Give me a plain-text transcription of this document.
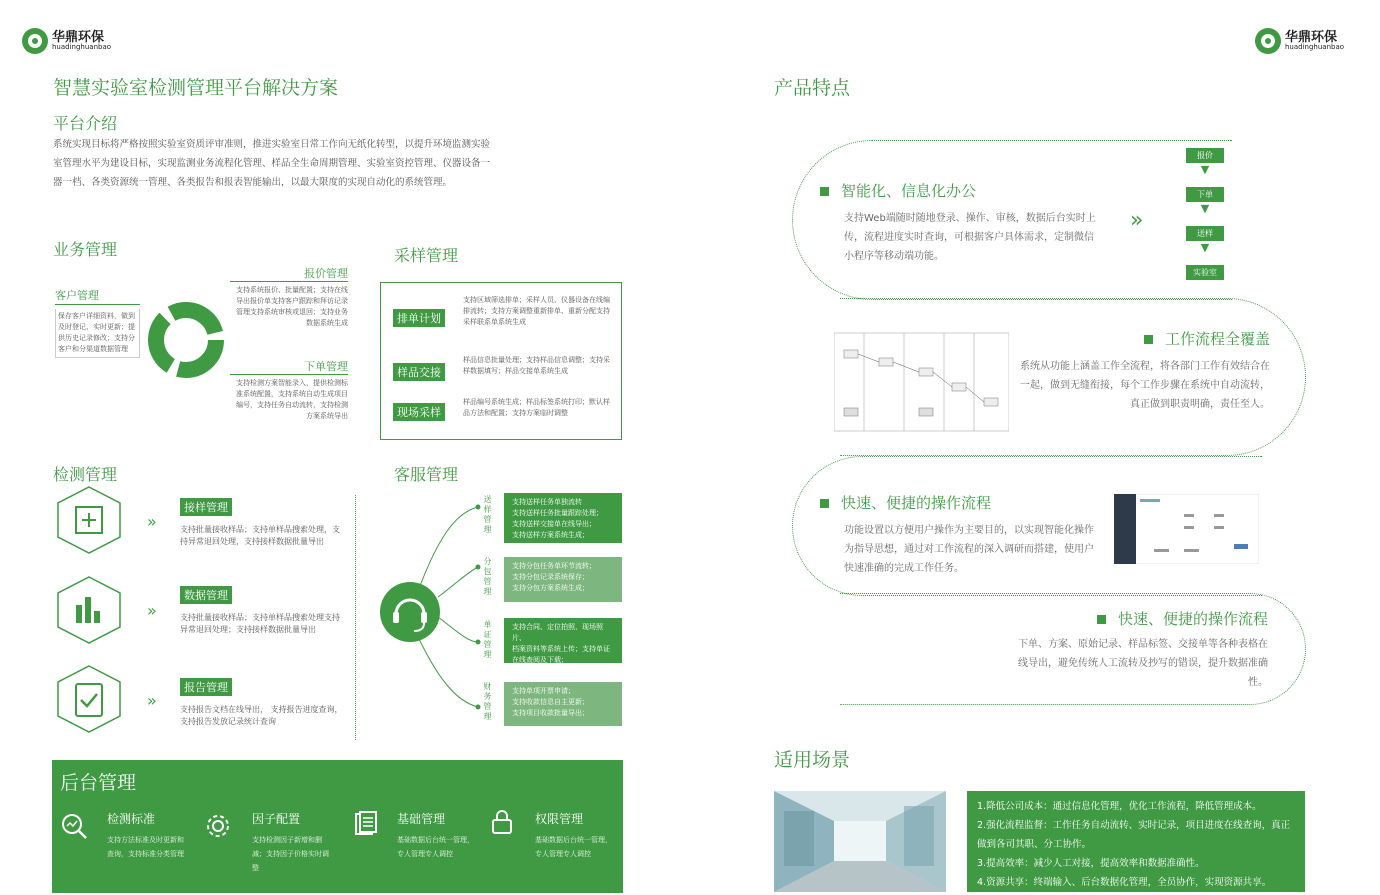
华鼎环保
huadinghuanbao
智慧实验室检测管理平台解决方案
平台介绍
系统实现目标将严格按照实验室资质评审准则，推进实验室日常工作向无纸化转型，以提升环境监测实验室管理水平为建设目标，实现监测业务流程化管理、样品全生命周期管理、实验室资控管理、仪器设备一器一档、各类资源统一管理、各类报告和报表智能输出，以最大限度的实现自动化的系统管理。
业务管理
客户管理
保存客户详细资料，做到及时登记、实时更新；提供历史记录修改；支持分客户和分渠道数据管理
报价管理
支持系统报价、批量配置；支持在线导出报价单支持客户跟踪和拜访记录管理支持系统审核或退回；支持业务数据系统生成
下单管理
支持检测方案智能录入，提供检测标准系统配置，支持系统自动生成项目编号，支持任务自动流转，支持检测方案系统导出
采样管理
排单计划
支持区域筛选排单；采样人员、仪器设备在线编排流转；支持方案调整重新排单、重新分配支持采样联系单系统生成
样品交接
样品信息批量处理；支持样品信息调整；支持采样数据填写；样品交接单系统生成
现场采样
样品编号系统生成；样品标签系统打印；默认样品方法和配置；支持方案临时调整
检测管理
»
接样管理
支持批量接收样品；支持单样品搜索处理，支持异常退回处理，支持接样数据批量导出
»
数据管理
支持批量接收样品；支持单样品搜索处理支持异常退回处理；支持接样数据批量导出
»
报告管理
支持报告文档在线导出， 支持报告进度查询，支持报告发放记录统计查询
客服管理
送样管理	支持送样任务单独流转
支持送样任务批量跟踪处理；
支持送样交接单在线导出；
支持送样方案系统生成；
分包管理	支持分包任务单环节流转；
支持分包记录系统保存；
支持分包方案系统生成；
单证管理	支持合同、定位拍照、现场照片、
档案资料等系统上传；支持单证
在线查阅及下载；
财务管理	支持单项开票申请；
支持收款信息自主更新；
支持项目收款批量导出；
后台管理
检测标准
支持方法标准及时更新和查询，支持标准分类管理
因子配置
支持检测因子新增和删减；支持因子价格实时调整
基础管理
基础数据后台统一管理，专人管理专人调控
权限管理
基础数据后台统一管理，专人管理专人调控
华鼎环保
huadinghuanbao
产品特点
智能化、信息化办公
支持Web端随时随地登录、操作、审核，数据后台实时上传，流程进度实时查询，可根据客户具体需求，定制微信小程序等移动端功能。
»
报价
▼
下单
▼
送样
▼
实验室
工作流程全覆盖
系统从功能上涵盖工作全流程，将各部门工作有效结合在一起，做到无缝衔接，每个工作步骤在系统中自动流转，真正做到职责明确，责任至人。
快速、便捷的操作流程
功能设置以方便用户操作为主要目的，以实现智能化操作为指导思想，通过对工作流程的深入调研而搭建，使用户快速准确的完成工作任务。
快速、便捷的操作流程
下单、方案、原始记录、样品标签、交接单等各种表格在线导出，避免传统人工流转及抄写的错误，提升数据准确性。
适用场景
1.降低公司成本：通过信息化管理，优化工作流程，降低管理成本。
2.强化流程监督：工作任务自动流转、实时记录，项目进度在线查询，真正做到各司其职、分工协作。
3.提高效率：减少人工对接，提高效率和数据准确性。
4.资源共享：终端输入、后台数据化管理，全员协作，实现资源共享。
